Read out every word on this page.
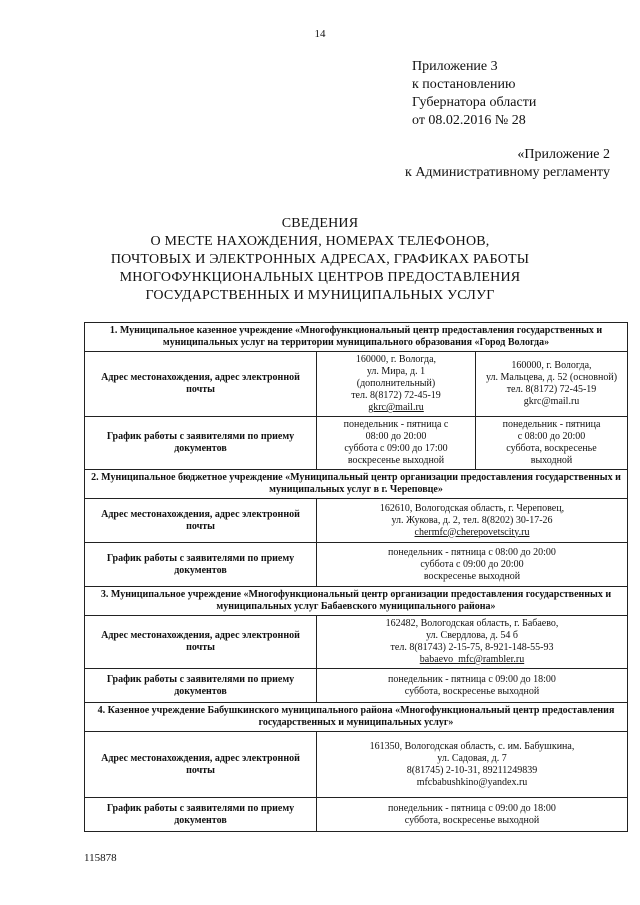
14
Приложение 3
к постановлению
Губернатора области
от 08.02.2016 № 28
«Приложение 2
к Административному регламенту
СВЕДЕНИЯ
О МЕСТЕ НАХОЖДЕНИЯ, НОМЕРАХ ТЕЛЕФОНОВ,
ПОЧТОВЫХ И ЭЛЕКТРОННЫХ АДРЕСАХ, ГРАФИКАХ РАБОТЫ
МНОГОФУНКЦИОНАЛЬНЫХ ЦЕНТРОВ ПРЕДОСТАВЛЕНИЯ
ГОСУДАРСТВЕННЫХ И МУНИЦИПАЛЬНЫХ УСЛУГ
1. Муниципальное казенное учреждение «Многофункциональный центр предоставления государственных и муниципальных услуг на территории муниципального образования «Город Вологда»		
Адрес местонахождения, адрес электронной почты	160000, г. Вологда,
ул. Мира, д. 1
(дополнительный)
тел. 8(8172) 72-45-19
gkrc@mail.ru	160000, г. Вологда,
ул. Мальцева, д. 52 (основной)
тел. 8(8172) 72-45-19
gkrc@mail.ru

График работы с заявителями по приему документов	понедельник - пятница с
08:00 до 20:00
суббота с 09:00 до 17:00
воскресенье выходной	понедельник - пятница
с 08:00 до 20:00
суббота, воскресенье
выходной

2. Муниципальное бюджетное учреждение «Муниципальный центр организации предоставления государственных и муниципальных услуг в г. Череповце»		
Адрес местонахождения, адрес электронной почты	162610, Вологодская область, г. Череповец,
ул. Жукова, д. 2, тел. 8(8202) 30-17-26
chermfc@cherepovetscity.ru	

График работы с заявителями по приему документов	понедельник - пятница с 08:00 до 20:00
суббота с 09:00 до 20:00
воскресенье выходной	

3. Муниципальное учреждение «Многофункциональный центр организации предоставления государственных и муниципальных услуг Бабаевского муниципального района»		
Адрес местонахождения, адрес электронной почты	162482, Вологодская область, г. Бабаево,
ул. Свердлова, д. 54 б
тел. 8(81743) 2-15-75, 8-921-148-55-93
babaevo_mfc@rambler.ru	

График работы с заявителями по приему документов	понедельник - пятница с 09:00 до 18:00
суббота, воскресенье выходной	

4. Казенное учреждение Бабушкинского муниципального района «Многофункциональный центр предоставления государственных и муниципальных услуг»		
Адрес местонахождения, адрес электронной почты	161350, Вологодская область, с. им. Бабушкина,
ул. Садовая, д. 7
8(81745) 2-10-31, 89211249839
mfcbabushkino@yandex.ru	

График работы с заявителями по приему документов	понедельник - пятница с 09:00 до 18:00
суббота, воскресенье выходной	
115878
